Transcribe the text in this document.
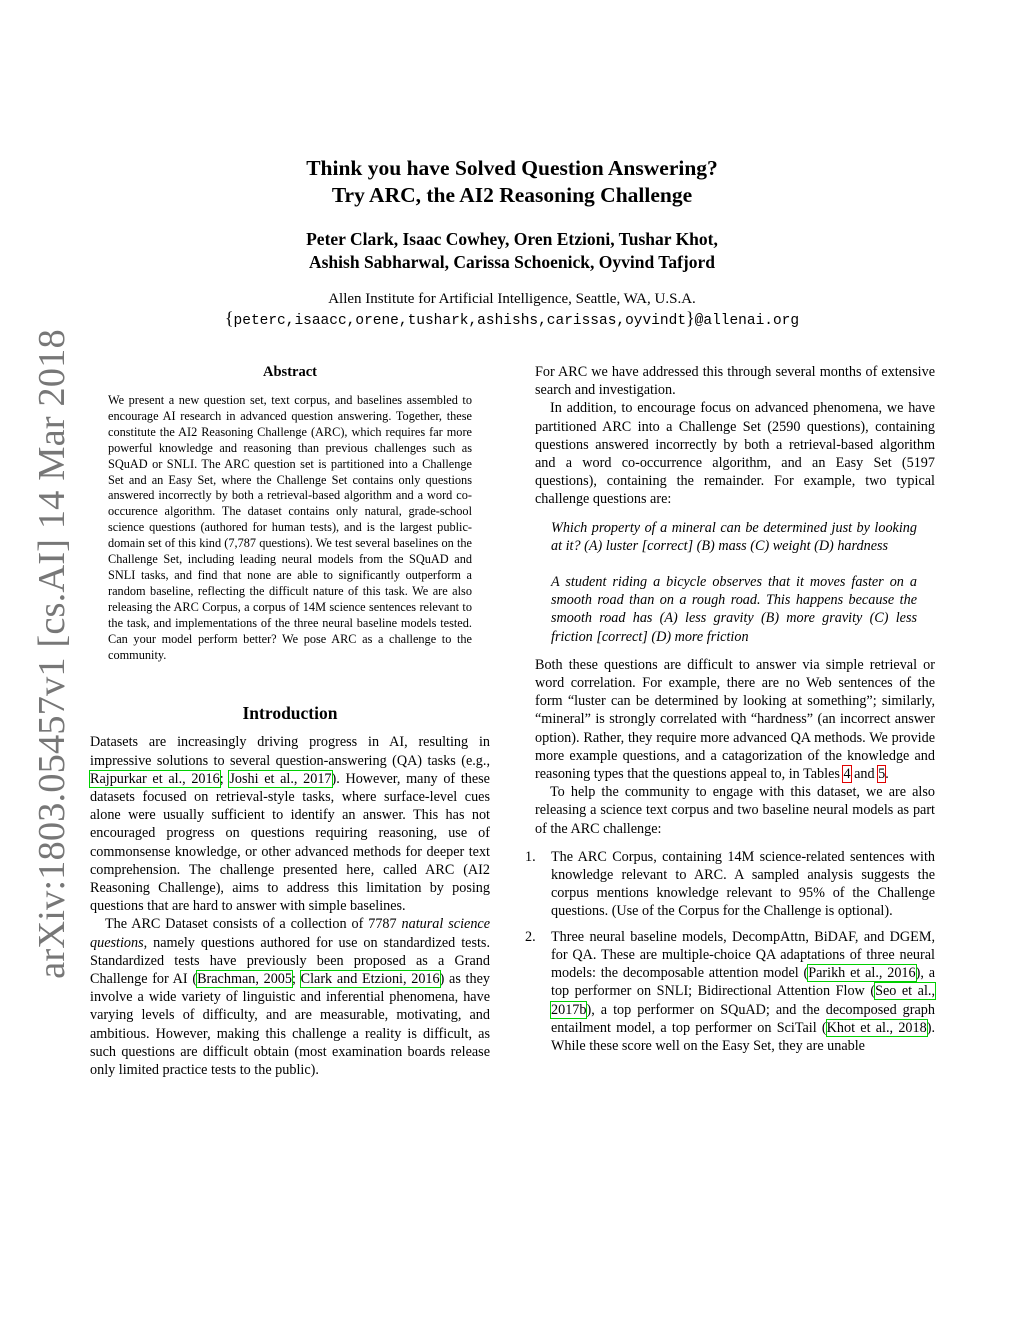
arXiv:1803.05457v1 [cs.AI] 14 Mar 2018
Think you have Solved Question Answering?
Try ARC, the AI2 Reasoning Challenge
Peter Clark, Isaac Cowhey, Oren Etzioni, Tushar Khot,
Ashish Sabharwal, Carissa Schoenick, Oyvind Tafjord
Allen Institute for Artificial Intelligence, Seattle, WA, U.S.A.
{peterc,isaacc,orene,tushark,ashishs,carissas,oyvindt}@allenai.org
Abstract

We present a new question set, text corpus, and baselines assembled to encourage AI research in advanced question answering. Together, these constitute the AI2 Reasoning Challenge (ARC), which requires far more powerful knowledge and reasoning than previous challenges such as SQuAD or SNLI. The ARC question set is partitioned into a Challenge Set and an Easy Set, where the Challenge Set contains only questions answered incorrectly by both a retrieval-based algorithm and a word co-occurence algorithm. The dataset contains only natural, grade-school science questions (authored for human tests), and is the largest public-domain set of this kind (7,787 questions). We test several baselines on the Challenge Set, including leading neural models from the SQuAD and SNLI tasks, and find that none are able to significantly outperform a random baseline, reflecting the difficult nature of this task. We are also releasing the ARC Corpus, a corpus of 14M science sentences relevant to the task, and implementations of the three neural baseline models tested. Can your model perform better? We pose ARC as a challenge to the community.

Introduction

Datasets are increasingly driving progress in AI, resulting in impressive solutions to several question-answering (QA) tasks (e.g., Rajpurkar et al., 2016; Joshi et al., 2017). However, many of these datasets focused on retrieval-style tasks, where surface-level cues alone were usually sufficient to identify an answer. This has not encouraged progress on questions requiring reasoning, use of commonsense knowledge, or other advanced methods for deeper text comprehension. The challenge presented here, called ARC (AI2 Reasoning Challenge), aims to address this limitation by posing questions that are hard to answer with simple baselines.

The ARC Dataset consists of a collection of 7787 natural science questions, namely questions authored for use on standardized tests. Standardized tests have previously been proposed as a Grand Challenge for AI (Brachman, 2005; Clark and Etzioni, 2016) as they involve a wide variety of linguistic and inferential phenomena, have varying levels of difficulty, and are measurable, motivating, and ambitious. However, making this challenge a reality is difficult, as such questions are difficult obtain (most examination boards release only limited practice tests to the public).

For ARC we have addressed this through several months of extensive search and investigation.

In addition, to encourage focus on advanced phenomena, we have partitioned ARC into a Challenge Set (2590 questions), containing questions answered incorrectly by both a retrieval-based algorithm and a word co-occurrence algorithm, and an Easy Set (5197 questions), containing the remainder. For example, two typical challenge questions are:

Which property of a mineral can be determined just by looking at it? (A) luster [correct] (B) mass (C) weight (D) hardness

A student riding a bicycle observes that it moves faster on a smooth road than on a rough road. This happens because the smooth road has (A) less gravity (B) more gravity (C) less friction [correct] (D) more friction

Both these questions are difficult to answer via simple retrieval or word correlation. For example, there are no Web sentences of the form “luster can be determined by looking at something”; similarly, “mineral” is strongly correlated with “hardness” (an incorrect answer option). Rather, they require more advanced QA methods. We provide more example questions, and a catagorization of the knowledge and reasoning types that the questions appeal to, in Tables 4 and 5.

To help the community to engage with this dataset, we are also releasing a science text corpus and two baseline neural models as part of the ARC challenge:

1. The ARC Corpus, containing 14M science-related sentences with knowledge relevant to ARC. A sampled analysis suggests the corpus mentions knowledge relevant to 95% of the Challenge questions. (Use of the Corpus for the Challenge is optional).
2. Three neural baseline models, DecompAttn, BiDAF, and DGEM, for QA. These are multiple-choice QA adaptations of three neural models: the decomposable attention model (Parikh et al., 2016), a top performer on SNLI; Bidirectional Attention Flow (Seo et al., 2017b), a top performer on SQuAD; and the decomposed graph entailment model, a top performer on SciTail (Khot et al., 2018). While these score well on the Easy Set, they are unable
